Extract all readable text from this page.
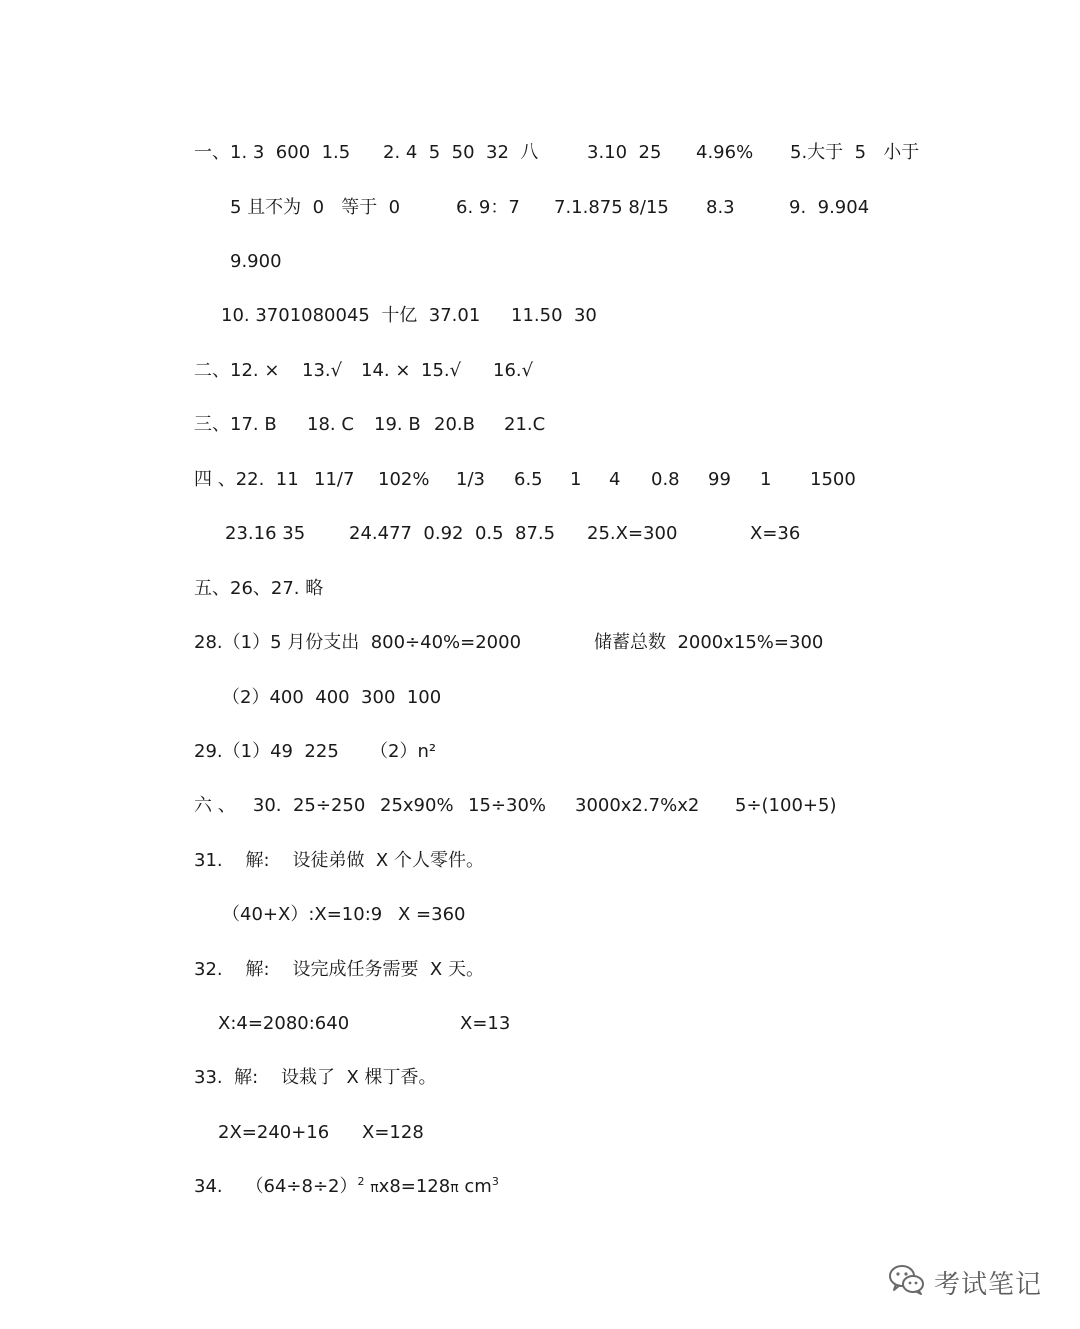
一、1. 3  600  1.5

2. 4  5  50  32  八

	3.10  25

4.96%

5.大于  5   小于

5 且不为  0   等于  0

	6. 9：7

7.1.875 8/15

8.3

	9.  9.904

9.900

10. 3701080045  十亿  37.01

11.50  30

二、12. ×

13.√

14. ×

15.√

16.√

三、17. B

18. C

19. B

20.B

21.C

四 、22.  11

11/7

102%

1/3

6.5

1

4

0.8

99

1

1500

23.16 35

24.477  0.92  0.5  87.5

25.X=300

	X=36

五、26、27. 略

28.（1）5 月份支出  800÷40%=2000

	储蓄总数  2000x15%=300

（2）400  400  300  100

29.（1）49  225

（2）n²

六 、   30.  25÷250

25x90%

15÷30%

3000x2.7%x2

5÷(100+5)

31.    解:    设徒弟做  X 个人零件。

（40+X）:X=10:9

X =360

32.    解:    设完成任务需要  X 天。

X:4=2080:640

	X=13

33.  解:    设栽了  X 棵丁香。

2X=240+16

X=128

34.    $(64\div 8\div 2)^2$ πx8=128π $cm^3$

考试笔记
